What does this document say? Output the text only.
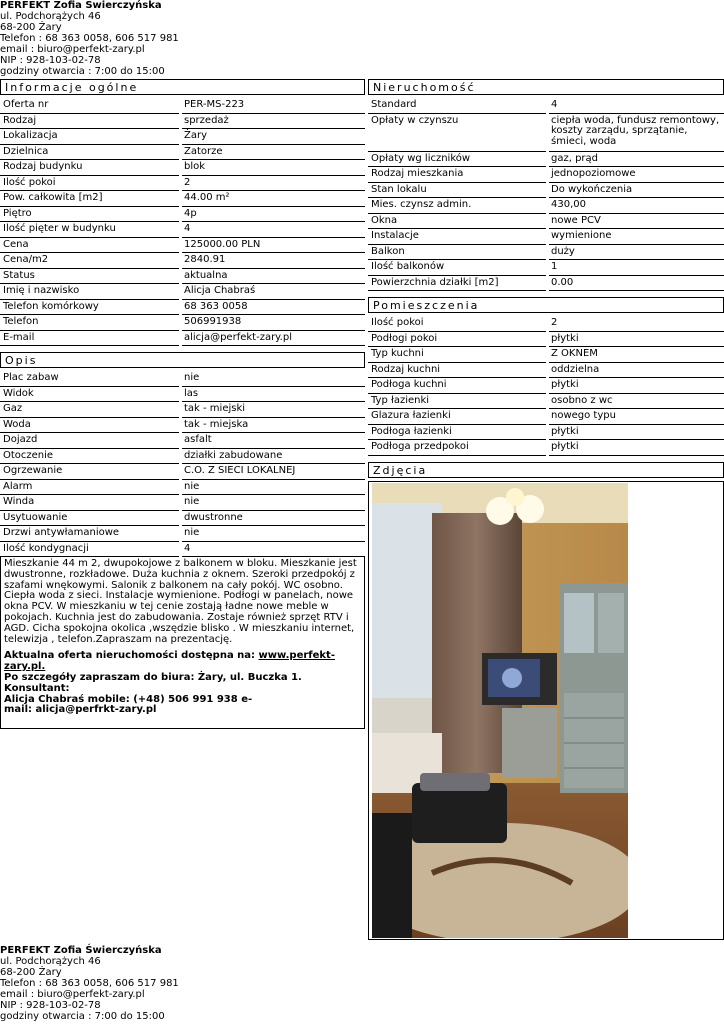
PERFEKT Zofia Świerczyńska
ul. Podchorążych 46
68-200 Żary
Telefon : 68 363 0058, 606 517 981
email : biuro@perfekt-zary.pl
NIP : 928-103-02-78
godziny otwarcia : 7:00 do 15:00
Informacje ogólne
Oferta nr	PER-MS-223
Rodzaj	sprzedaż
Lokalizacja	Żary
Dzielnica	Zatorze
Rodzaj budynku	blok
Ilość pokoi	2
Pow. całkowita [m2]	44.00 m²
Piętro	4p
Ilość pięter w budynku	4
Cena	125000.00 PLN
Cena/m2	2840.91
Status	aktualna
Imię i nazwisko	Alicja Chabraś
Telefon komórkowy	68 363 0058
Telefon	506991938
E-mail	alicja@perfekt-zary.pl
Opis
Plac zabaw	nie
Widok	las
Gaz	tak - miejski
Woda	tak - miejska
Dojazd	asfalt
Otoczenie	działki zabudowane
Ogrzewanie	C.O. Z SIECI LOKALNEJ
Alarm	nie
Winda	nie
Usytuowanie	dwustronne
Drzwi antywłamaniowe	nie
Ilość kondygnacji	4

Mieszkanie 44 m 2, dwupokojowe z balkonem w bloku. Mieszkanie jest dwustronne, rozkładowe. Duża kuchnia z oknem. Szeroki przedpokój z szafami wnękowymi. Salonik z balkonem na cały pokój. WC osobno. Ciepła woda z sieci. Instalacje wymienione. Podłogi w panelach, nowe okna PCV. W mieszkaniu w tej cenie zostają ładne nowe meble w pokojach. Kuchnia jest do zabudowania. Zostaje również sprzęt RTV i AGD. Cicha spokojna okolica ,wszędzie blisko . W mieszkaniu internet, telewizja , telefon.Zapraszam na prezentację.

Aktualna oferta nieruchomości dostępna na: www.perfekt-zary.pl.
Po szczegóły zapraszam do biura: Żary, ul. Buczka 1. Konsultant:
Alicja Chabraś mobile: (+48) 506 991 938 e-
mail: alicja@perfrkt-zary.pl
Nieruchomość
Standard	4
Opłaty w czynszu	ciepła woda, fundusz remontowy, koszty zarządu, sprzątanie, śmieci, woda
Opłaty wg liczników	gaz, prąd
Rodzaj mieszkania	jednopoziomowe
Stan lokalu	Do wykończenia
Mies. czynsz admin.	430,00
Okna	nowe PCV
Instalacje	wymienione
Balkon	duży
Ilość balkonów	1
Powierzchnia działki [m2]	0.00
Pomieszczenia
Ilość pokoi	2
Podłogi pokoi	płytki
Typ kuchni	Z OKNEM
Rodzaj kuchni	oddzielna
Podłoga kuchni	płytki
Typ łazienki	osobno z wc
Glazura łazienki	nowego typu
Podłoga łazienki	płytki
Podłoga przedpokoi	płytki
Zdjęcia
PERFEKT Zofia Świerczyńska
ul. Podchorążych 46
68-200 Żary
Telefon : 68 363 0058, 606 517 981
email : biuro@perfekt-zary.pl
NIP : 928-103-02-78
godziny otwarcia : 7:00 do 15:00
